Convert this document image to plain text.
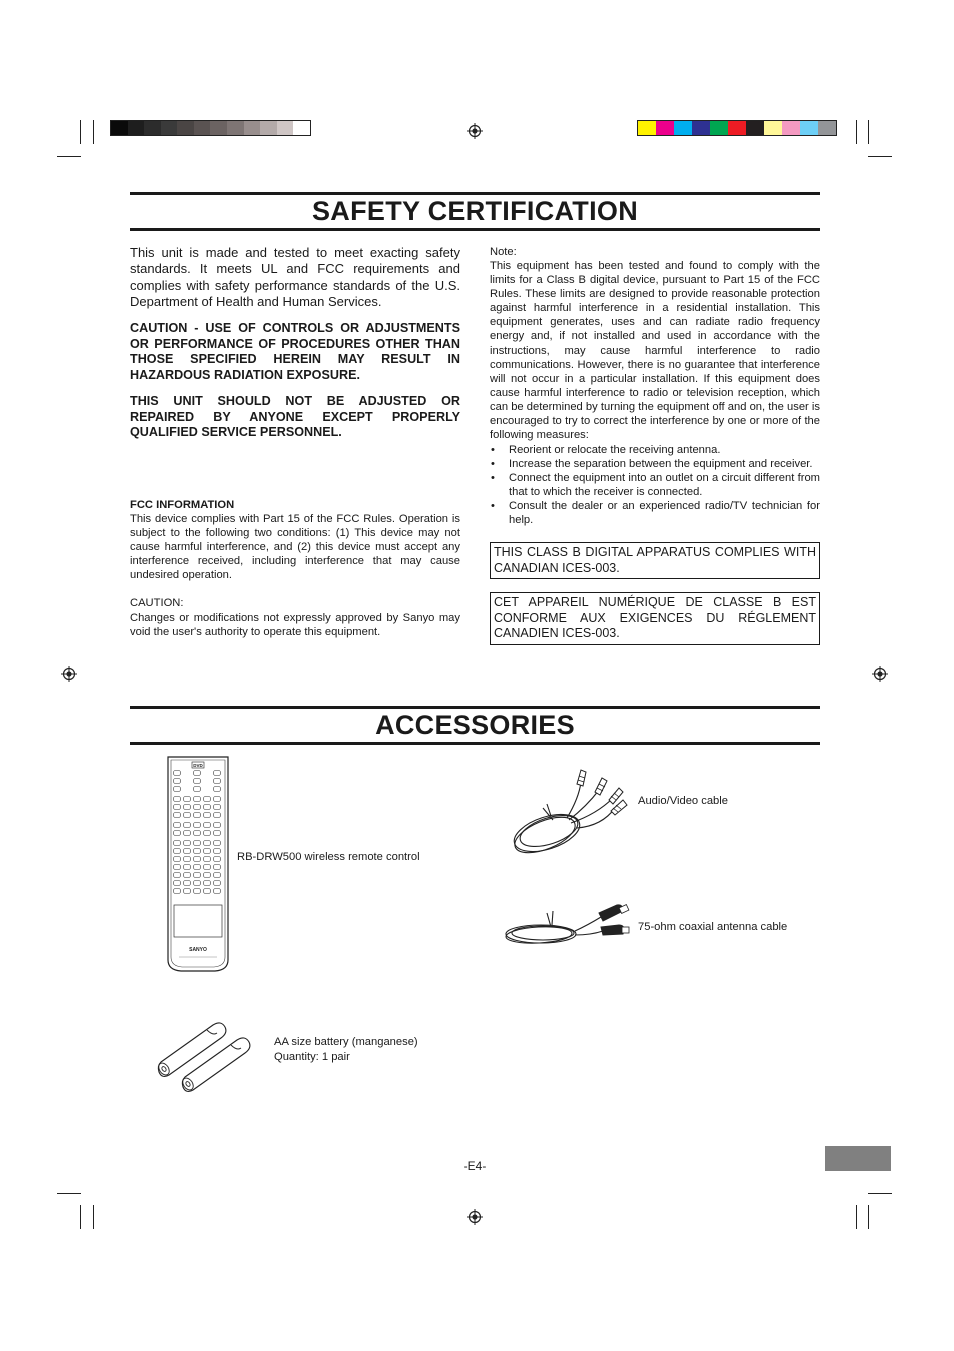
SAFETY CERTIFICATION
This unit is made and tested to meet exacting safety standards. It meets UL and FCC requirements and complies with safety performance standards of the U.S. Department of Health and Human Services.
CAUTION - USE OF CONTROLS OR ADJUSTMENTS OR PERFORMANCE OF PROCEDURES OTHER THAN THOSE SPECIFIED HEREIN MAY RESULT IN HAZARDOUS RADIATION EXPOSURE.
THIS UNIT SHOULD NOT BE ADJUSTED OR REPAIRED BY ANYONE EXCEPT PROPERLY QUALIFIED SERVICE PERSONNEL.
FCC INFORMATION
This device complies with Part 15 of the FCC Rules. Operation is subject to the following two conditions: (1) This device may not cause harmful interference, and (2) this device must accept any interference received, including interference that may cause undesired operation.
CAUTION:
Changes or modifications not expressly approved by Sanyo may void the user's authority to operate this equipment.
Note:
This equipment has been tested and found to comply with the limits for a Class B digital device, pursuant to Part 15 of the FCC Rules. These limits are designed to provide reasonable protection against harmful interference in a residential installation. This equipment generates, uses and can radiate radio frequency energy and, if not installed and used in accordance with the instructions, may cause harmful interference to radio communications. However, there is no guarantee that interference will not occur in a particular installation. If this equipment does cause harmful interference to radio or television reception, which can be determined by turning the equipment off and on, the user is encouraged to try to correct the interference by one or more of the following measures:
• Reorient or relocate the receiving antenna.
• Increase the separation between the equipment and receiver.
• Connect the equipment into an outlet on a circuit different from that to which the receiver is connected.
• Consult the dealer or an experienced radio/TV technician for help.
THIS CLASS B DIGITAL APPARATUS COMPLIES WITH CANADIAN ICES-003.
CET APPAREIL NUMÉRIQUE DE CLASSE B EST CONFORME AUX EXIGENCES DU RÉGLEMENT CANADIEN ICES-003.
ACCESSORIES
DVD
SANYO
RB-DRW500 wireless remote control
Audio/Video cable
75-ohm coaxial antenna cable
AA size battery (manganese)
Quantity: 1 pair
-E4-
